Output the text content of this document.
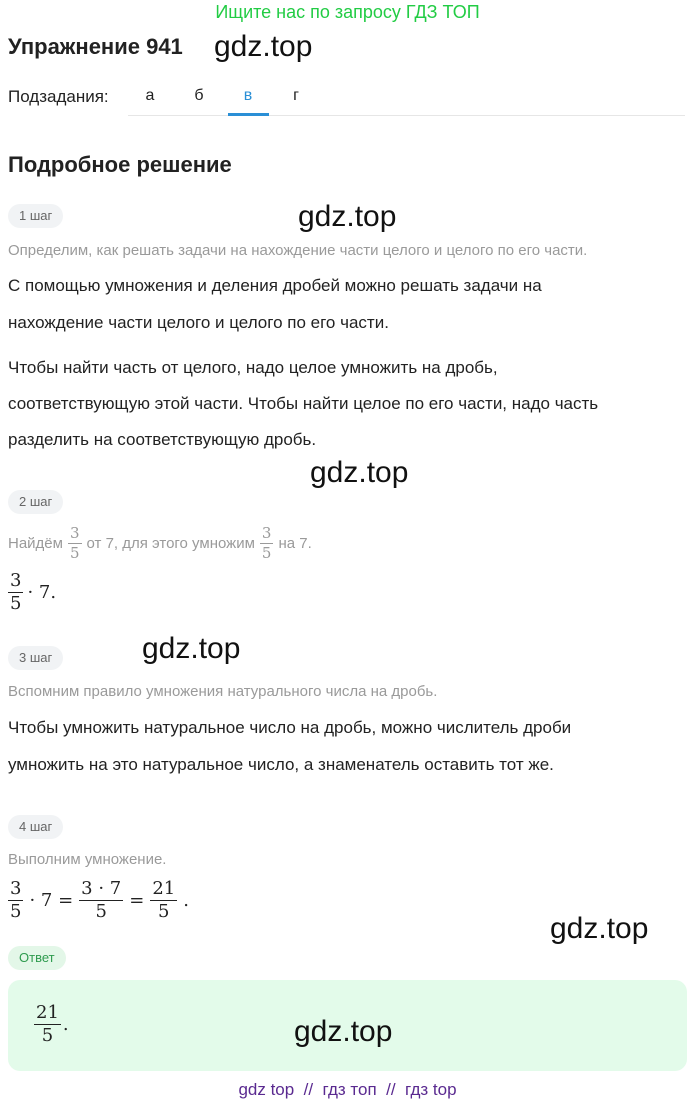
Ищите нас по запросу ГДЗ ТОП
Упражнение 941 gdz.top
Подзадания:	а	б	в	г
Подробное решение
1 шаг	gdz.top
Определим, как решать задачи на нахождение части целого и целого по его части.
С помощью умножения и деления дробей можно решать задачи на
нахождение части целого и целого по его части.
Чтобы найти часть от целого, надо целое умножить на дробь,
соответствующую этой части. Чтобы найти целое по его части, надо часть
разделить на соответствующую дробь.
gdz.top
2 шаг
Найдём $\frac{3}{5}$ от 7, для этого умножим $\frac{3}{5}$ на 7.
$\frac{3}{5} \cdot 7$.
3 шаг	gdz.top
Вспомним правило умножения натурального числа на дробь.
Чтобы умножить натуральное число на дробь, можно числитель дроби
умножить на это натуральное число, а знаменатель оставить тот же.
4 шаг
Выполним умножение.
$\frac{3}{5} \cdot 7 = \frac{3 \cdot 7}{5} = \frac{21}{5}$ .
gdz.top
Ответ
$\frac{21}{5}$ .	gdz.top
gdz top  //  гдз топ  //  гдз top
